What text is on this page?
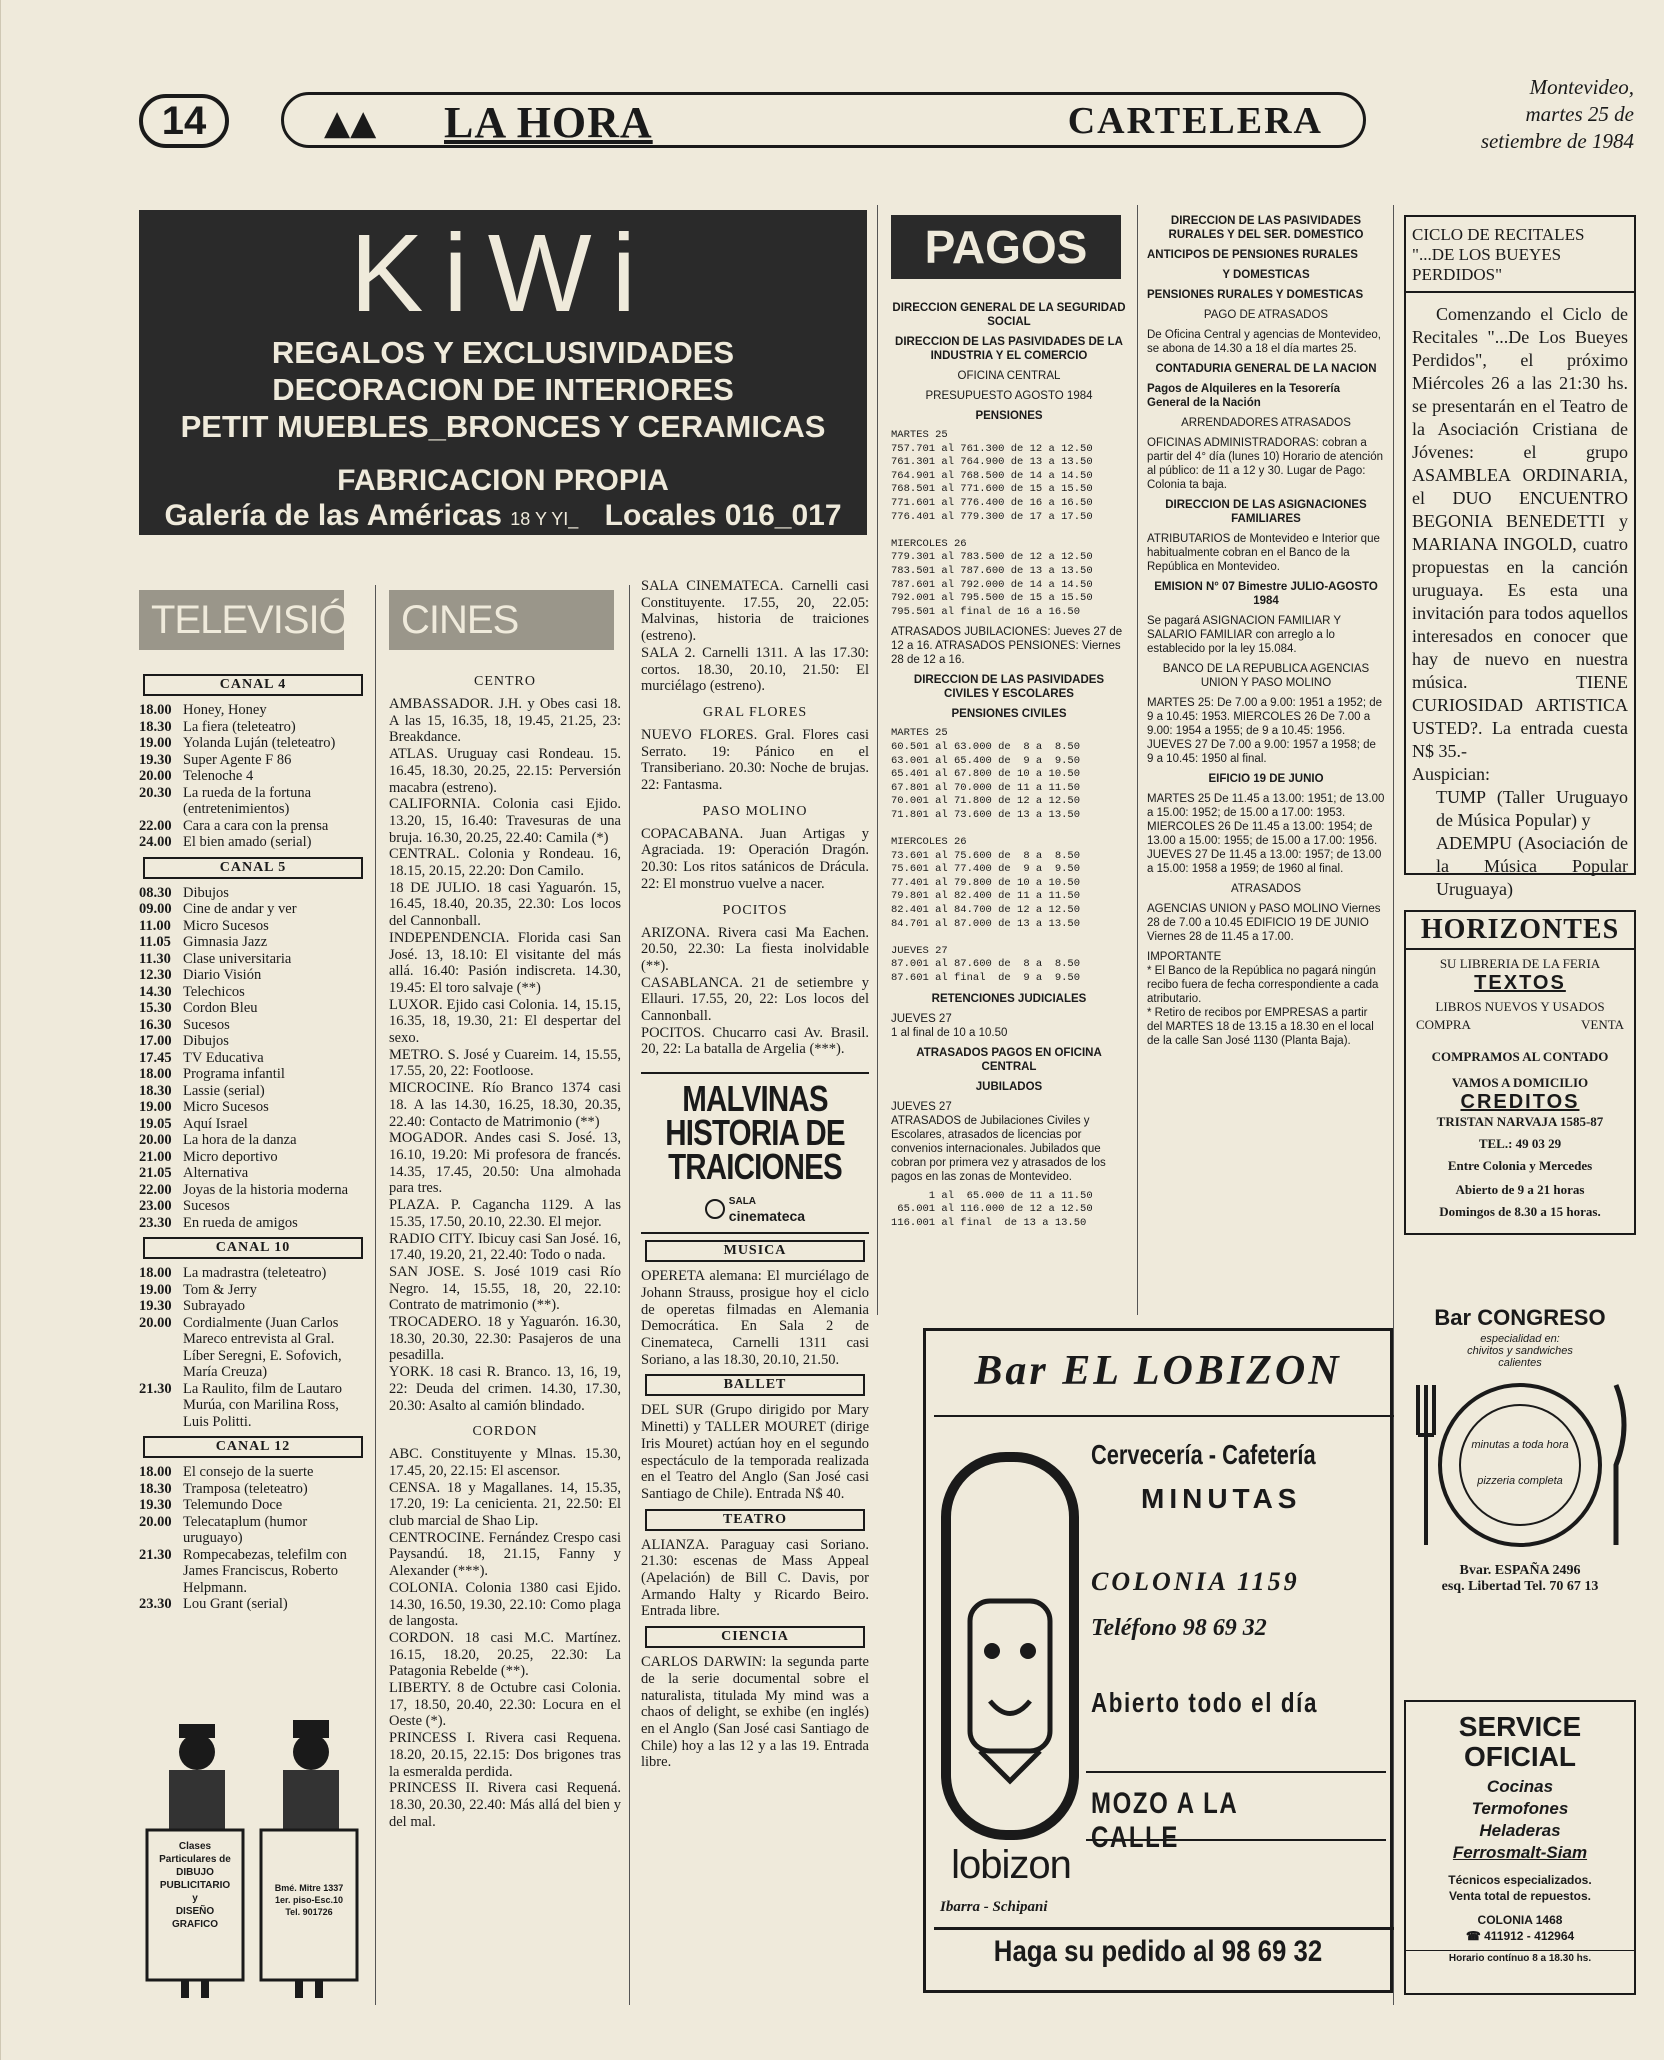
14	▲▲ LA HORA	CARTELERA
Montevideo,
martes 25 de
setiembre de 1984
KiWi
REGALOS Y EXCLUSIVIDADES
DECORACION DE INTERIORES
PETIT MUEBLES_BRONCES Y CERAMICAS
FABRICACION PROPIA
Galería de las Américas 18 Y YI_ Locales 016_017
TELEVISIÓN CINES
CANAL 4
18.00 Honey, Honey
18.30 La fiera (teleteatro)
19.00 Yolanda Luján (teleteatro)
19.30 Super Agente F 86
20.00 Telenoche 4
20.30 La rueda de la fortuna (entretenimientos)
22.00 Cara a cara con la prensa
24.00 El bien amado (serial)
CANAL 5
08.30 Dibujos
09.00 Cine de andar y ver
11.00 Micro Sucesos
11.05 Gimnasia Jazz
11.30 Clase universitaria
12.30 Diario Visión
14.30 Telechicos
15.30 Cordon Bleu
16.30 Sucesos
17.00 Dibujos
17.45 TV Educativa
18.00 Programa infantil
18.30 Lassie (serial)
19.00 Micro Sucesos
19.05 Aquí Israel
20.00 La hora de la danza
21.00 Micro deportivo
21.05 Alternativa
22.00 Joyas de la historia moderna
23.00 Sucesos
23.30 En rueda de amigos
CANAL 10
18.00 La madrastra (teleteatro)
19.00 Tom & Jerry
19.30 Subrayado
20.00 Cordialmente (Juan Carlos Mareco entrevista al Gral. Líber Seregni, E. Sofovich, María Creuza)
21.30 La Raulito, film de Lautaro Murúa, con Marilina Ross, Luis Politti.
CANAL 12
18.00 El consejo de la suerte
18.30 Tramposa (teleteatro)
19.30 Telemundo Doce
20.00 Telecataplum (humor uruguayo)
21.30 Rompecabezas, telefilm con James Franciscus, Roberto Helpmann.
23.30 Lou Grant (serial)
Clases
Particulares de
DIBUJO
PUBLICITARIO
y
DISEÑO
GRAFICO
Bmé. Mitre 1337
1er. piso-Esc.10
Tel. 901726
CENTRO
AMBASSADOR. J.H. y Obes casi 18. A las 15, 16.35, 18, 19.45, 21.25, 23: Breakdance.
ATLAS. Uruguay casi Rondeau. 15. 16.45, 18.30, 20.25, 22.15: Perversión macabra (estreno).
CALIFORNIA. Colonia casi Ejido. 13.20, 15, 16.40: Travesuras de una bruja. 16.30, 20.25, 22.40: Camila (*)
CENTRAL. Colonia y Rondeau. 16, 18.15, 20.15, 22.20: Don Camilo.
18 DE JULIO. 18 casi Yaguarón. 15, 16.45, 18.40, 20.35, 22.30: Los locos del Cannonball.
INDEPENDENCIA. Florida casi San José. 13, 18.10: El visitante del más allá. 16.40: Pasión indiscreta. 14.30, 19.45: El toro salvaje (**)
LUXOR. Ejido casi Colonia. 14, 15.15, 16.35, 18, 19.30, 21: El despertar del sexo.
METRO. S. José y Cuareim. 14, 15.55, 17.55, 20, 22: Footloose.
MICROCINE. Río Branco 1374 casi 18. A las 14.30, 16.25, 18.30, 20.35, 22.40: Contacto de Matrimonio (**)
MOGADOR. Andes casi S. José. 13, 16.10, 19.20: Mi profesora de francés. 14.35, 17.45, 20.50: Una almohada para tres.
PLAZA. P. Cagancha 1129. A las 15.35, 17.50, 20.10, 22.30. El mejor.
RADIO CITY. Ibicuy casi San José. 16, 17.40, 19.20, 21, 22.40: Todo o nada.
SAN JOSE. S. José 1019 casi Río Negro. 14, 15.55, 18, 20, 22.10: Contrato de matrimonio (**).
TROCADERO. 18 y Yaguarón. 16.30, 18.30, 20.30, 22.30: Pasajeros de una pesadilla.
YORK. 18 casi R. Branco. 13, 16, 19, 22: Deuda del crimen. 14.30, 17.30, 20.30: Asalto al camión blindado.
CORDON
ABC. Constituyente y Mlnas. 15.30, 17.45, 20, 22.15: El ascensor.
CENSA. 18 y Magallanes. 14, 15.35, 17.20, 19: La cenicienta. 21, 22.50: El club marcial de Shao Lip.
CENTROCINE. Fernández Crespo casi Paysandú. 18, 21.15, Fanny y Alexander (***).
COLONIA. Colonia 1380 casi Ejido. 14.30, 16.50, 19.30, 22.10: Como plaga de langosta.
CORDON. 18 casi M.C. Martínez. 16.15, 18.20, 20.25, 22.30: La Patagonia Rebelde (**).
LIBERTY. 8 de Octubre casi Colonia. 17, 18.50, 20.40, 22.30: Locura en el Oeste (*).
PRINCESS I. Rivera casi Requena. 18.20, 20.15, 22.15: Dos brigones tras la esmeralda perdida.
PRINCESS II. Rivera casi Requená. 18.30, 20.30, 22.40: Más allá del bien y del mal.
SALA CINEMATECA. Carnelli casi Constituyente. 17.55, 20, 22.05: Malvinas, historia de traiciones (estreno).
SALA 2. Carnelli 1311. A las 17.30: cortos. 18.30, 20.10, 21.50: El murciélago (estreno).
GRAL FLORES
NUEVO FLORES. Gral. Flores casi Serrato. 19: Pánico en el Transiberiano. 20.30: Noche de brujas. 22: Fantasma.
PASO MOLINO
COPACABANA. Juan Artigas y Agraciada. 19: Operación Dragón. 20.30: Los ritos satánicos de Drácula. 22: El monstruo vuelve a nacer.
POCITOS
ARIZONA. Rivera casi Ma Eachen. 20.50, 22.30: La fiesta inolvidable (**).
CASABLANCA. 21 de setiembre y Ellauri. 17.55, 20, 22: Los locos del Cannonball.
POCITOS. Chucarro casi Av. Brasil. 20, 22: La batalla de Argelia (***).
MALVINAS
HISTORIA DE
TRAICIONES

SALA
cinemateca
MUSICA
OPERETA alemana: El murciélago de Johann Strauss, prosigue hoy el ciclo de operetas filmadas en Alemania Democrática. En Sala 2 de Cinemateca, Carnelli 1311 casi Soriano, a las 18.30, 20.10, 21.50.
BALLET
DEL SUR (Grupo dirigido por Mary Minetti) y TALLER MOURET (dirige Iris Mouret) actúan hoy en el segundo espectáculo de la temporada realizada en el Teatro del Anglo (San José casi Santiago de Chile). Entrada N$ 40.
TEATRO
ALIANZA. Paraguay casi Soriano. 21.30: escenas de Mass Appeal (Apelación) de Bill C. Davis, por Armando Halty y Ricardo Beiro. Entrada libre.
CIENCIA
CARLOS DARWIN: la segunda parte de la serie documental sobre el naturalista, titulada My mind was a chaos of delight, se exhibe (en inglés) en el Anglo (San José casi Santiago de Chile) hoy a las 12 y a las 19. Entrada libre.
PAGOS
DIRECCION GENERAL DE LA SEGURIDAD SOCIAL
DIRECCION DE LAS PASIVIDADES DE LA INDUSTRIA Y EL COMERCIO
OFICINA CENTRAL
PRESUPUESTO AGOSTO 1984
PENSIONES
MARTES 25
757.701 al 761.300 de 12 a 12.50
761.301 al 764.900 de 13 a 13.50
764.901 al 768.500 de 14 a 14.50
768.501 al 771.600 de 15 a 15.50
771.601 al 776.400 de 16 a 16.50
776.401 al 779.300 de 17 a 17.50

MIERCOLES 26
779.301 al 783.500 de 12 a 12.50
783.501 al 787.600 de 13 a 13.50
787.601 al 792.000 de 14 a 14.50
792.001 al 795.500 de 15 a 15.50
795.501 al final de 16 a 16.50
ATRASADOS JUBILACIONES: Jueves 27 de 12 a 16. ATRASADOS PENSIONES: Viernes 28 de 12 a 16.
DIRECCION DE LAS PASIVIDADES CIVILES Y ESCOLARES
PENSIONES CIVILES
MARTES 25
60.501 al 63.000 de  8 a  8.50
63.001 al 65.400 de  9 a  9.50
65.401 al 67.800 de 10 a 10.50
67.801 al 70.000 de 11 a 11.50
70.001 al 71.800 de 12 a 12.50
71.801 al 73.600 de 13 a 13.50

MIERCOLES 26
73.601 al 75.600 de  8 a  8.50
75.601 al 77.400 de  9 a  9.50
77.401 al 79.800 de 10 a 10.50
79.801 al 82.400 de 11 a 11.50
82.401 al 84.700 de 12 a 12.50
84.701 al 87.000 de 13 a 13.50

JUEVES 27
87.001 al 87.600 de  8 a  8.50
87.601 al final  de  9 a  9.50
RETENCIONES JUDICIALES
JUEVES 27
1 al final de 10 a 10.50
ATRASADOS PAGOS EN OFICINA CENTRAL
JUBILADOS
JUEVES 27
ATRASADOS de Jubilaciones Civiles y Escolares, atrasados de licencias por convenios internacionales. Jubilados que cobran por primera vez y atrasados de los pagos en las zonas de Montevideo.
1 al  65.000 de 11 a 11.50
65.001 al 116.000 de 12 a 12.50
116.001 al final  de 13 a 13.50
DIRECCION DE LAS PASIVIDADES RURALES Y DEL SER. DOMESTICO
ANTICIPOS DE PENSIONES RURALES
Y DOMESTICAS
PENSIONES RURALES Y DOMESTICAS
PAGO DE ATRASADOS
De Oficina Central y agencias de Montevideo, se abona de 14.30 a 18 el día martes 25.
CONTADURIA GENERAL DE LA NACION
Pagos de Alquileres en la Tesorería General de la Nación
ARRENDADORES ATRASADOS
OFICINAS ADMINISTRADORAS: cobran a partir del 4° día (lunes 10) Horario de atención al público: de 11 a 12 y 30. Lugar de Pago: Colonia ta baja.
DIRECCION DE LAS ASIGNACIONES FAMILIARES
ATRIBUTARIOS de Montevideo e Interior que habitualmente cobran en el Banco de la República en Montevideo.
EMISION N° 07 Bimestre JULIO-AGOSTO 1984
Se pagará ASIGNACION FAMILIAR Y SALARIO FAMILIAR con arreglo a lo establecido por la ley 15.084.
BANCO DE LA REPUBLICA AGENCIAS UNION Y PASO MOLINO
MARTES 25: De 7.00 a 9.00: 1951 a 1952; de 9 a 10.45: 1953. MIERCOLES 26 De 7.00 a 9.00: 1954 a 1955; de 9 a 10.45: 1956. JUEVES 27 De 7.00 a 9.00: 1957 a 1958; de 9 a 10.45: 1950 al final.
EIFICIO 19 DE JUNIO
MARTES 25 De 11.45 a 13.00: 1951; de 13.00 a 15.00: 1952; de 15.00 a 17.00: 1953. MIERCOLES 26 De 11.45 a 13.00: 1954; de 13.00 a 15.00: 1955; de 15.00 a 17.00: 1956. JUEVES 27 De 11.45 a 13.00: 1957; de 13.00 a 15.00: 1958 a 1959; de 1960 al final.
ATRASADOS
AGENCIAS UNION y PASO MOLINO Viernes 28 de 7.00 a 10.45 EDIFICIO 19 DE JUNIO Viernes 28 de 11.45 a 17.00.
IMPORTANTE
* El Banco de la República no pagará ningún recibo fuera de fecha correspondiente a cada atributario.
* Retiro de recibos por EMPRESAS a partir del MARTES 18 de 13.15 a 18.30 en el local de la calle San José 1130 (Planta Baja).
Bar EL LOBIZON
lobizon
Ibarra - Schipani
Cervecería - Cafetería
MINUTAS
COLONIA 1159
Teléfono 98 69 32
Abierto todo el día
MOZO A LA CALLE
Haga su pedido al 98 69 32
CICLO DE RECITALES "...DE LOS BUEYES PERDIDOS"
Comenzando el Ciclo de Recitales "...De Los Bueyes Perdidos", el próximo Miércoles 26 a las 21:30 hs. se presentarán en el Teatro de la Asociación Cristiana de Jóvenes: el grupo ASAMBLEA ORDINARIA, el DUO ENCUENTRO BEGONIA BENEDETTI y MARIANA INGOLD, cuatro propuestas en la canción uruguaya. Es esta una invitación para todos aquellos interesados en conocer que hay de nuevo en nuestra música. TIENE CURIOSIDAD ARTISTICA USTED?. La entrada cuesta N$ 35.-
Auspician:
TUMP (Taller Uruguayo de Música Popular) y
ADEMPU (Asociación de la Música Popular Uruguaya)
HORIZONTES
SU LIBRERIA DE LA FERIA
TEXTOS
LIBROS NUEVOS Y USADOS
COMPRA	VENTA
COMPRAMOS AL CONTADO
VAMOS A DOMICILIO
CREDITOS
TRISTAN NARVAJA 1585-87
TEL.: 49 03 29
Entre Colonia y Mercedes
Abierto de 9 a 21 horas
Domingos de 8.30 a 15 horas.
Bar CONGRESO
especialidad en:
chivitos y sandwiches calientes
minutas a toda hora
pizzeria completa
Bvar. ESPAÑA 2496
esq. Libertad Tel. 70 67 13
SERVICE OFICIAL
Cocinas
Termofones
Heladeras
Ferrosmalt-Siam
Técnicos especializados.
Venta total de repuestos.
COLONIA 1468
☎ 411912 - 412964
Horario contínuo 8 a 18.30 hs.
